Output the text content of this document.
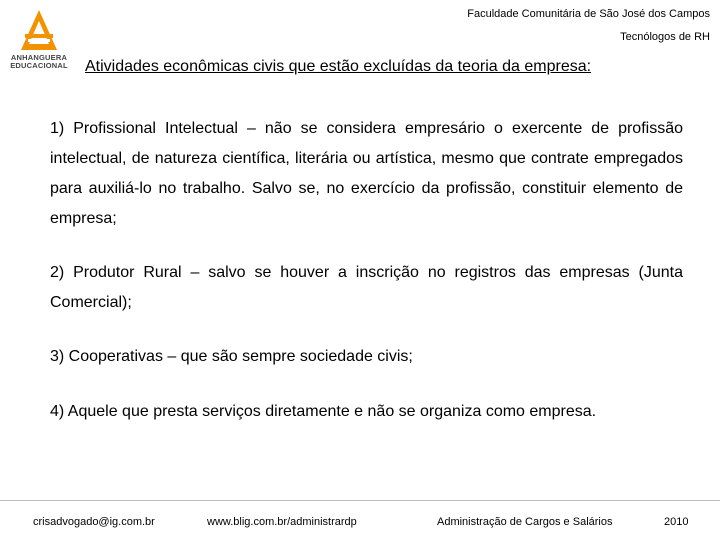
ANHANGUERA
EDUCACIONAL
Faculdade Comunitária de São José dos Campos
Tecnólogos de RH
Atividades econômicas civis que estão excluídas da teoria da empresa:

1) Profissional Intelectual – não se considera empresário o exercente de profissão intelectual, de natureza científica, literária ou artística, mesmo que contrate empregados para auxiliá-lo no trabalho. Salvo se, no exercício da profissão, constituir elemento de empresa;

2) Produtor Rural – salvo se houver a inscrição no registros das empresas (Junta Comercial);

3) Cooperativas – que são sempre sociedade civis;

4) Aquele que presta serviços diretamente e não se organiza como empresa.

crisadvogado@ig.com.br	www.blig.com.br/administrardp	Administração de Cargos e Salários	2010
